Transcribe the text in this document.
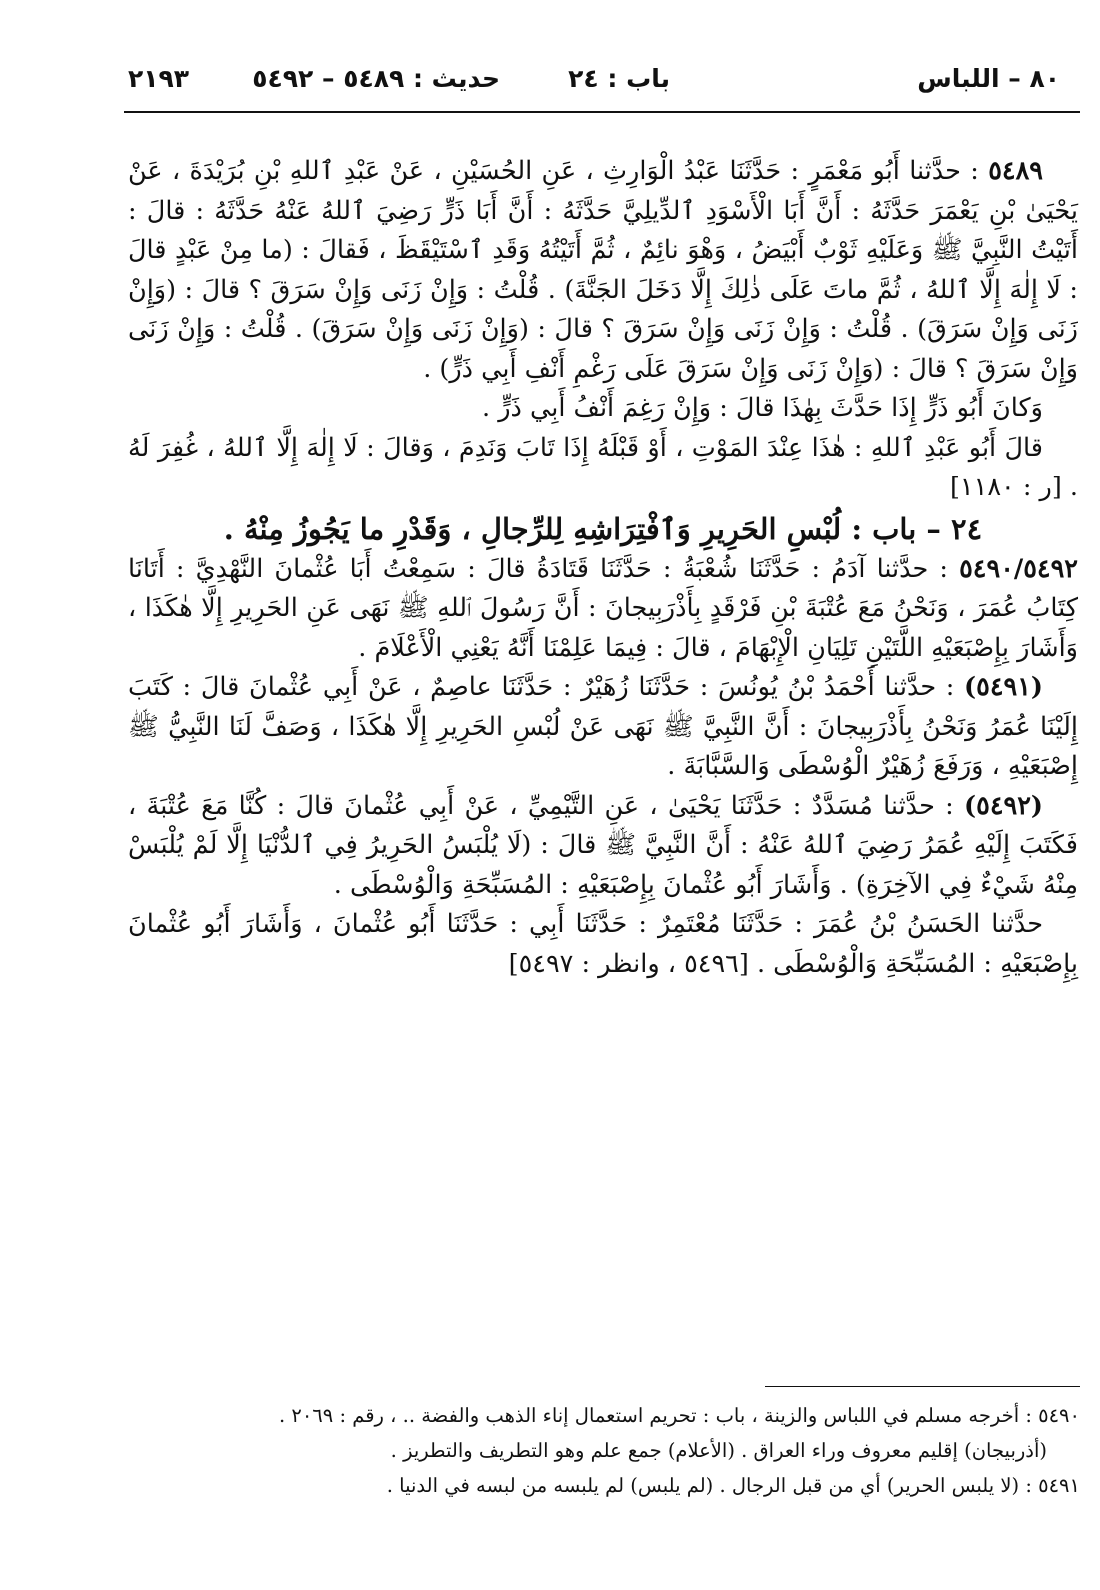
٨٠ – اللباس
باب : ٢٤
حديث : ٥٤٨٩ – ٥٤٩٢
٢١٩٣

٥٤٨٩ : حدَّثنا أَبُو مَعْمَرٍ : حَدَّثَنَا عَبْدُ الْوَارِثِ ، عَنِ الحُسَيْنِ ، عَنْ عَبْدِ ٱللهِ بْنِ بُرَيْدَةَ ، عَنْ يَحْيَىٰ بْنِ يَعْمَرَ حَدَّثَهُ : أَنَّ أَبَا الْأَسْوَدِ ٱلدِّيلِيَّ حَدَّثَهُ : أَنَّ أَبَا ذَرٍّ رَضِيَ ٱللهُ عَنْهُ حَدَّثَهُ : قالَ : أَتَيْتُ النَّبِيَّ ﷺ وَعَلَيْهِ ثَوْبٌ أَبْيَضُ ، وَهْوَ نائِمٌ ، ثُمَّ أَتَيْتُهُ وَقَدِ ٱسْتَيْقَظَ ، فَقالَ : (ما مِنْ عَبْدٍ قالَ : لَا إِلٰهَ إِلَّا ٱللهُ ، ثُمَّ ماتَ عَلَى ذٰلِكَ إِلَّا دَخَلَ الجَنَّةَ) . قُلْتُ : وَإِنْ زَنَى وَإِنْ سَرَقَ ؟ قالَ : (وَإِنْ زَنَى وَإِنْ سَرَقَ) . قُلْتُ : وَإِنْ زَنَى وَإِنْ سَرَقَ ؟ قالَ : (وَإِنْ زَنَى وَإِنْ سَرَقَ) . قُلْتُ : وَإِنْ زَنَى وَإِنْ سَرَقَ ؟ قالَ : (وَإِنْ زَنَى وَإِنْ سَرَقَ عَلَى رَغْمِ أَنْفِ أَبِي ذَرٍّ) .

وَكانَ أَبُو ذَرٍّ إِذَا حَدَّثَ بِهٰذَا قالَ : وَإِنْ رَغِمَ أَنْفُ أَبِي ذَرٍّ .

قالَ أَبُو عَبْدِ ٱللهِ : هٰذَا عِنْدَ المَوْتِ ، أَوْ قَبْلَهُ إِذَا تَابَ وَنَدِمَ ، وَقالَ : لَا إِلٰهَ إِلَّا ٱللهُ ، غُفِرَ لَهُ . [ر : ١١٨٠]

٢٤ – باب : لُبْسِ الحَرِيرِ وَٱفْتِرَاشِهِ لِلرِّجالِ ، وَقَدْرِ ما يَجُوزُ مِنْهُ .

٥٤٩٠/٥٤٩٢ : حدَّثنا آدَمُ : حَدَّثَنَا شُعْبَةُ : حَدَّثَنَا قَتَادَةُ قالَ : سَمِعْتُ أَبَا عُثْمانَ النَّهْدِيَّ : أَتَانَا كِتَابُ عُمَرَ ، وَنَحْنُ مَعَ عُتْبَةَ بْنِ فَرْقَدٍ بِأَذْرَبِيجانَ : أَنَّ رَسُولَ ٱللهِ ﷺ نَهَى عَنِ الحَرِيرِ إِلَّا هٰكَذَا ، وَأَشَارَ بِإِصْبَعَيْهِ اللَّتَيْنِ تَلِيَانِ الْإِبْهَامَ ، قالَ : فِيمَا عَلِمْنَا أَنَّهُ يَعْنِي الْأَعْلَامَ .

(٥٤٩١) : حدَّثنا أَحْمَدُ بْنُ يُونُسَ : حَدَّثَنَا زُهَيْرٌ : حَدَّثَنَا عاصِمٌ ، عَنْ أَبِي عُثْمانَ قالَ : كَتَبَ إِلَيْنَا عُمَرُ وَنَحْنُ بِأَذْرَبِيجانَ : أَنَّ النَّبِيَّ ﷺ نَهَى عَنْ لُبْسِ الحَرِيرِ إِلَّا هٰكَذَا ، وَصَفَّ لَنَا النَّبِيُّ ﷺ إِصْبَعَيْهِ ، وَرَفَعَ زُهَيْرٌ الْوُسْطَى وَالسَّبَّابَةَ .

(٥٤٩٢) : حدَّثنا مُسَدَّدٌ : حَدَّثَنَا يَحْيَىٰ ، عَنِ التَّيْمِيِّ ، عَنْ أَبِي عُثْمانَ قالَ : كُنَّا مَعَ عُتْبَةَ ، فَكَتَبَ إِلَيْهِ عُمَرُ رَضِيَ ٱللهُ عَنْهُ : أَنَّ النَّبِيَّ ﷺ قالَ : (لَا يُلْبَسُ الحَرِيرُ فِي ٱلدُّنْيَا إِلَّا لَمْ يُلْبَسْ مِنْهُ شَيْءٌ فِي الآخِرَةِ) . وَأَشَارَ أَبُو عُثْمانَ بِإِصْبَعَيْهِ : المُسَبِّحَةِ وَالْوُسْطَى .

حدَّثنا الحَسَنُ بْنُ عُمَرَ : حَدَّثَنَا مُعْتَمِرٌ : حَدَّثَنَا أَبِي : حَدَّثَنَا أَبُو عُثْمانَ ، وَأَشَارَ أَبُو عُثْمانَ بِإِصْبَعَيْهِ : المُسَبِّحَةِ وَالْوُسْطَى . [٥٤٩٦ ، وانظر : ٥٤٩٧]

٥٤٩٠ : أخرجه مسلم في اللباس والزينة ، باب : تحريم استعمال إناء الذهب والفضة .. ، رقم : ٢٠٦٩ .

(أذربيجان) إقليم معروف وراء العراق . (الأعلام) جمع علم وهو التطريف والتطريز .

٥٤٩١ : (لا يلبس الحرير) أي من قبل الرجال . (لم يلبس) لم يلبسه من لبسه في الدنيا .
